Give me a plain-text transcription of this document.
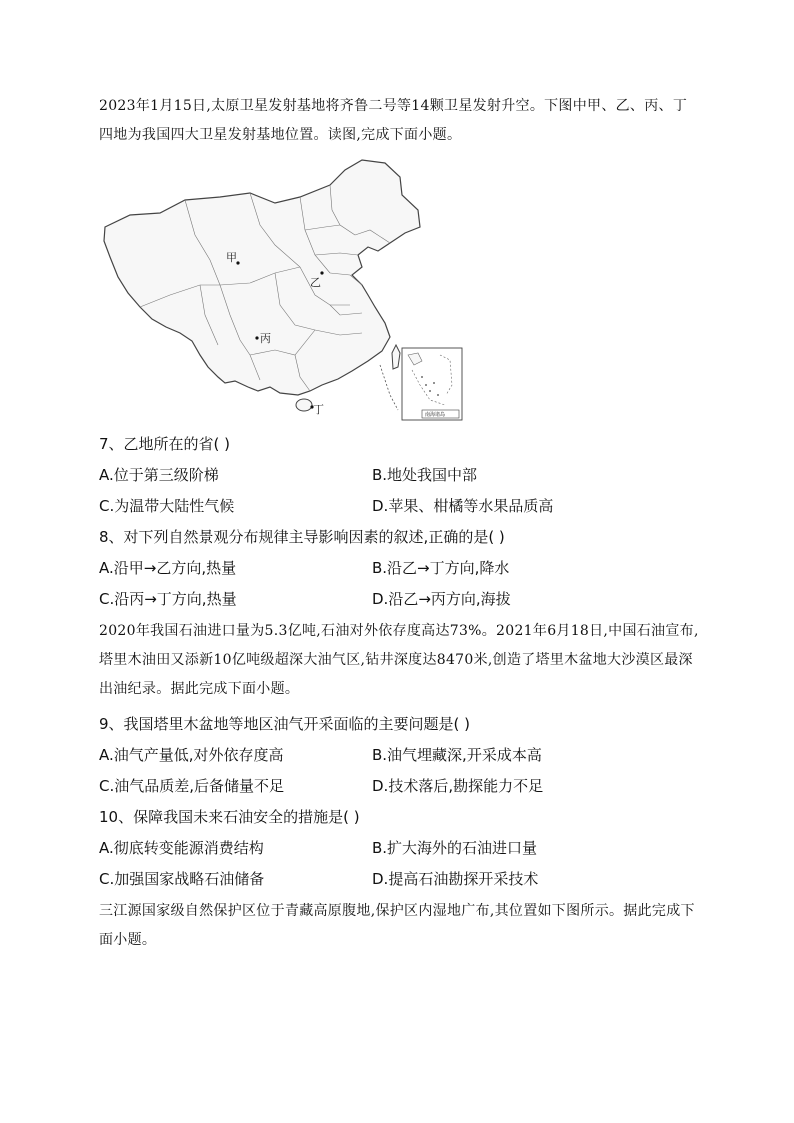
2023年1月15日,太原卫星发射基地将齐鲁二号等14颗卫星发射升空。下图中甲、乙、丙、丁四地为我国四大卫星发射基地位置。读图,完成下面小题。
甲
乙
丙
丁	南海诸岛
7、乙地所在的省( )
A.位于第三级阶梯	B.地处我国中部
C.为温带大陆性气候	D.苹果、柑橘等水果品质高
8、对下列自然景观分布规律主导影响因素的叙述,正确的是( )
A.沿甲→乙方向,热量	B.沿乙→丁方向,降水
C.沿丙→丁方向,热量	D.沿乙→丙方向,海拔
2020年我国石油进口量为5.3亿吨,石油对外依存度高达73%。2021年6月18日,中国石油宣布,塔里木油田又添新10亿吨级超深大油气区,钻井深度达8470米,创造了塔里木盆地大沙漠区最深出油纪录。据此完成下面小题。
9、我国塔里木盆地等地区油气开采面临的主要问题是( )
A.油气产量低,对外依存度高	B.油气埋藏深,开采成本高
C.油气品质差,后备储量不足	D.技术落后,勘探能力不足
10、保障我国未来石油安全的措施是( )
A.彻底转变能源消费结构	B.扩大海外的石油进口量
C.加强国家战略石油储备	D.提高石油勘探开采技术
三江源国家级自然保护区位于青藏高原腹地,保护区内湿地广布,其位置如下图所示。据此完成下面小题。
